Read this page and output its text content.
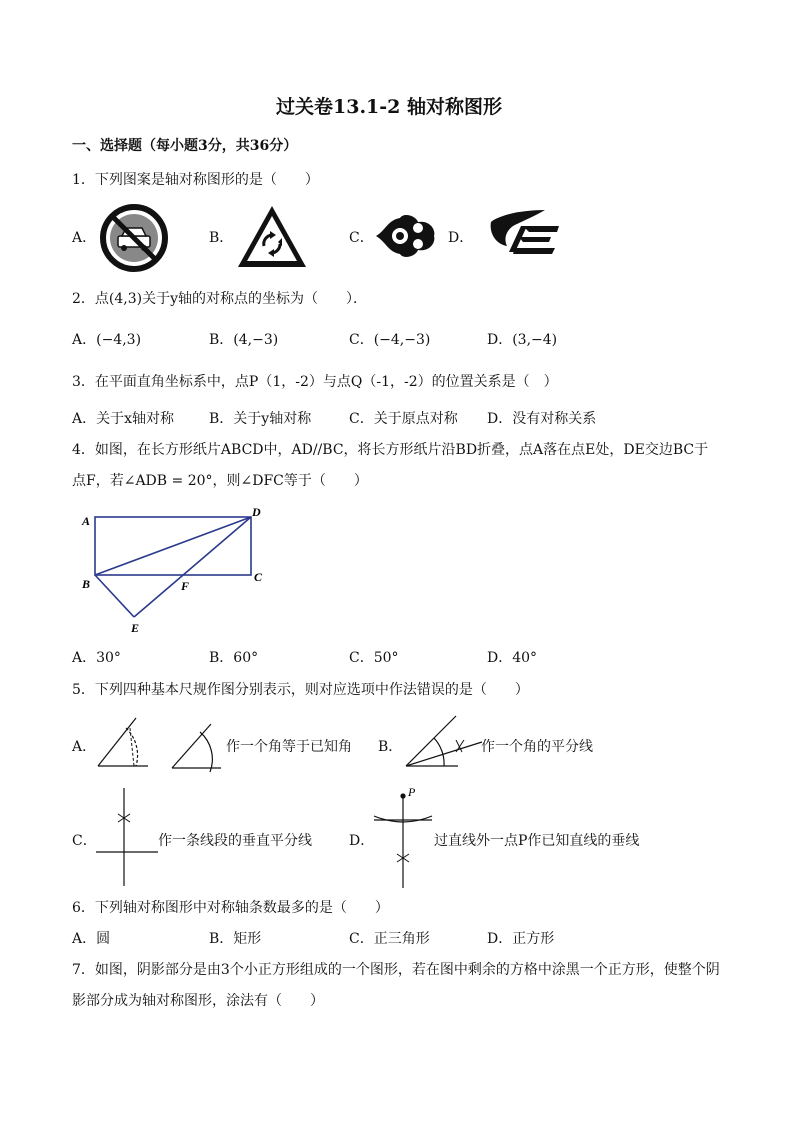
过关卷13.1-2 轴对称图形
一、选择题（每小题3分，共36分）
1．下列图案是轴对称图形的是（　　）
A．	B．	C．	D．
2．点(4,3)关于y轴的对称点的坐标为（　　）．
A．(−4,3)	B．(4,−3)	C．(−4,−3)	D．(3,−4)
3．在平面直角坐标系中，点P（1，-2）与点Q（-1，-2）的位置关系是（　）
A．关于x轴对称 B．关于y轴对称	C．关于原点对称 D．没有对称关系
4．如图，在长方形纸片ABCD中，AD//BC，将长方形纸片沿BD折叠，点A落在点E处，DE交边BC于
点F，若∠ADB = 20°，则∠DFC等于（　　）
A
D
B	C
F
E
A．30°	B．60°	C．50°	D．40°
5．下列四种基本尺规作图分别表示，则对应选项中作法错误的是（　　）
A．	作一个角等于已知角 B．	作一个角的平分线
C．	作一条线段的垂直平分线	D．
P
过直线外一点P作已知直线的垂线
6．下列轴对称图形中对称轴条数最多的是（　　）
A．圆	B．矩形	C．正三角形	D．正方形
7．如图，阴影部分是由3个小正方形组成的一个图形，若在图中剩余的方格中涂黑一个正方形，使整个阴
影部分成为轴对称图形，涂法有（　　）
